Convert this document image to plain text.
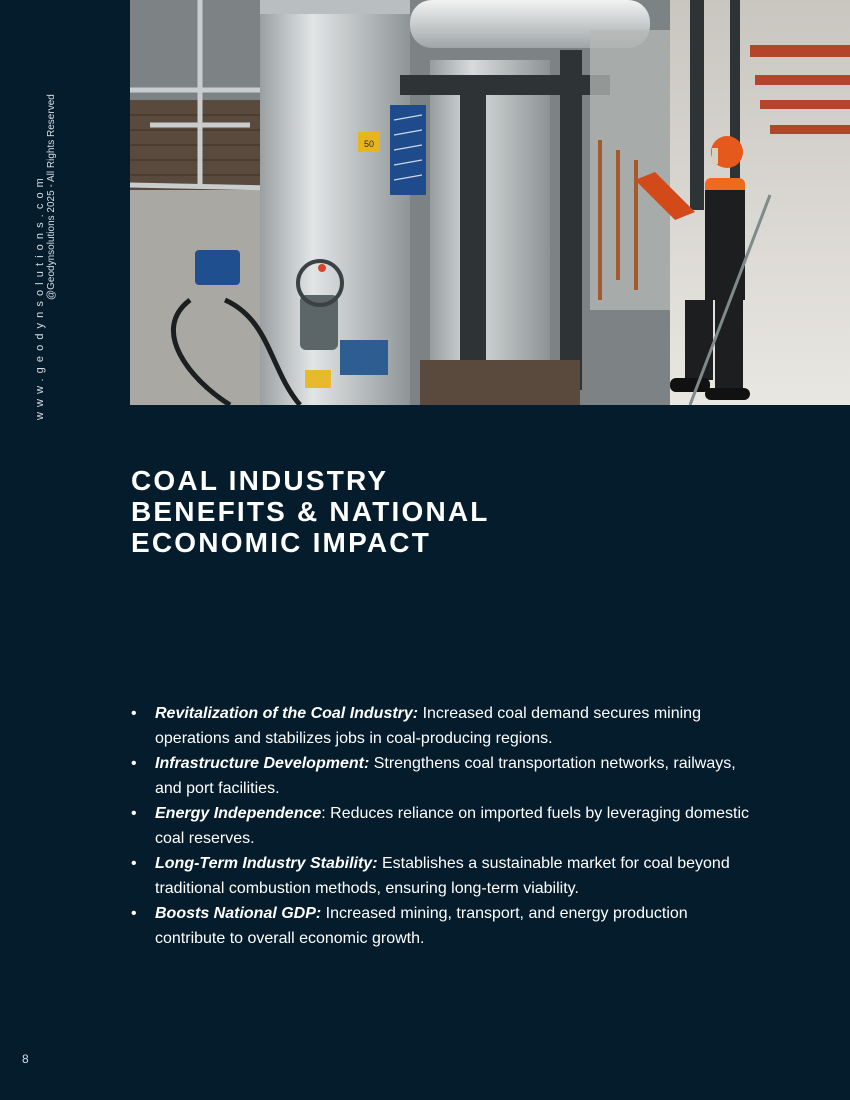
www.geodynsolutions.com @Geodynsolutions 2025 - All Rights Reserved	50
COAL INDUSTRY
BENEFITS & NATIONAL
ECONOMIC IMPACT
• Revitalization of the Coal Industry: Increased coal demand secures mining operations and stabilizes jobs in coal-producing regions.
• Infrastructure Development: Strengthens coal transportation networks, railways, and port facilities.
• Energy Independence: Reduces reliance on imported fuels by leveraging domestic coal reserves.
• Long-Term Industry Stability: Establishes a sustainable market for coal beyond traditional combustion methods, ensuring long-term viability.
• Boosts National GDP: Increased mining, transport, and energy production contribute to overall economic growth.
8
